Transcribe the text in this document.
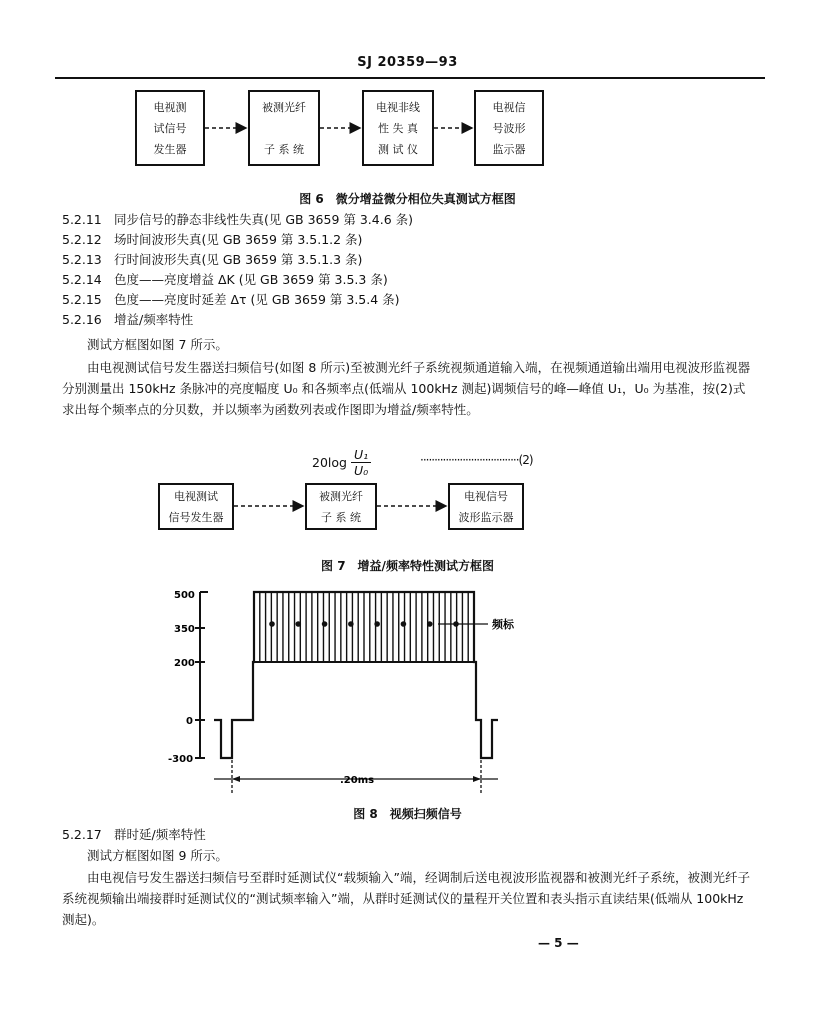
SJ 20359—93
电视测
试信号
发生器
被测光纤

子 系 统
电视非线
性 失 真
测 试 仪
电视信
号波形
监示器
图 6　微分增益微分相位失真测试方框图
5.2.11 同步信号的静态非线性失真(见 GB 3659 第 3.4.6 条)
5.2.12 场时间波形失真(见 GB 3659 第 3.5.1.2 条)
5.2.13 行时间波形失真(见 GB 3659 第 3.5.1.3 条)
5.2.14 色度——亮度增益 ΔK (见 GB 3659 第 3.5.3 条)
5.2.15 色度——亮度时延差 Δτ (见 GB 3659 第 3.5.4 条)
5.2.16 增益/频率特性
测试方框图如图 7 所示。
由电视测试信号发生器送扫频信号(如图 8 所示)至被测光纤子系统视频通道输入端，在视频通道输出端用电视波形监视器分别测量出 150kHz 条脉冲的亮度幅度 U₀ 和各频率点(低端从 100kHz 测起)调频信号的峰—峰值 U₁，U₀ 为基准，按(2)式求出每个频率点的分贝数，并以频率为函数列表或作图即为增益/频率特性。
$20\log \frac{\text{U₁}}{\text{U₀}}$	···································(2)
电视测试
信号发生器
被测光纤
子 系 统
电视信号
波形监示器
图 7　增益/频率特性测试方框图
500
350
200
0
-300
频标
.20ms
图 8　视频扫频信号
5.2.17 群时延/频率特性
测试方框图如图 9 所示。
由电视信号发生器送扫频信号至群时延测试仪“载频输入”端，经调制后送电视波形监视器和被测光纤子系统，被测光纤子系统视频输出端接群时延测试仪的“测试频率输入”端，从群时延测试仪的量程开关位置和表头指示直读结果(低端从 100kHz 测起)。
— 5 —
